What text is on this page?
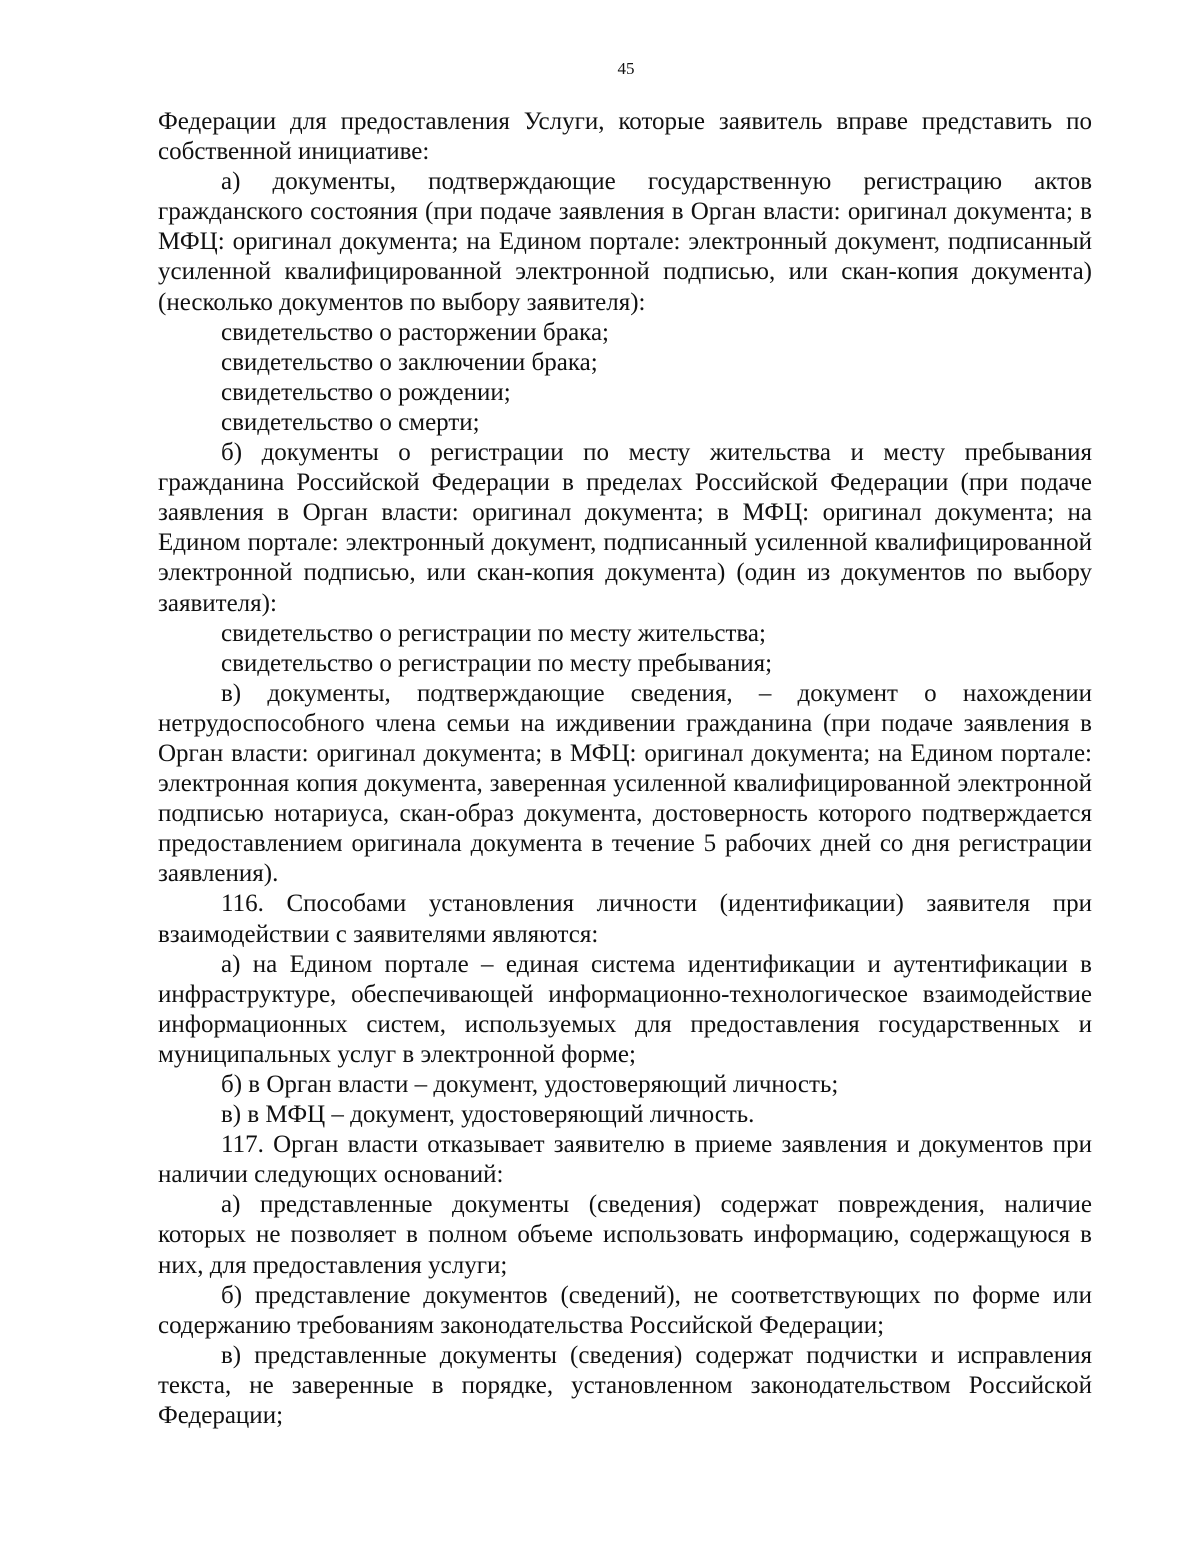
45

Федерации для предоставления Услуги, которые заявитель вправе представить по собственной инициативе:

а) документы, подтверждающие государственную регистрацию актов гражданского состояния (при подаче заявления в Орган власти: оригинал документа; в МФЦ: оригинал документа; на Едином портале: электронный документ, подписанный усиленной квалифицированной электронной подписью, или скан-копия документа) (несколько документов по выбору заявителя):

свидетельство о расторжении брака;

свидетельство о заключении брака;

свидетельство о рождении;

свидетельство о смерти;

б) документы о регистрации по месту жительства и месту пребывания гражданина Российской Федерации в пределах Российской Федерации (при подаче заявления в Орган власти: оригинал документа; в МФЦ: оригинал документа; на Едином портале: электронный документ, подписанный усиленной квалифицированной электронной подписью, или скан-копия документа) (один из документов по выбору заявителя):

свидетельство о регистрации по месту жительства;

свидетельство о регистрации по месту пребывания;

в) документы, подтверждающие сведения, – документ о нахождении нетрудоспособного члена семьи на иждивении гражданина (при подаче заявления в Орган власти: оригинал документа; в МФЦ: оригинал документа; на Едином портале: электронная копия документа, заверенная усиленной квалифицированной электронной подписью нотариуса, скан-образ документа, достоверность которого подтверждается предоставлением оригинала документа в течение 5 рабочих дней со дня регистрации заявления).

116. Способами установления личности (идентификации) заявителя при взаимодействии с заявителями являются:

а) на Едином портале – единая система идентификации и аутентификации в инфраструктуре, обеспечивающей информационно-технологическое взаимодействие информационных систем, используемых для предоставления государственных и муниципальных услуг в электронной форме;

б) в Орган власти – документ, удостоверяющий личность;

в) в МФЦ – документ, удостоверяющий личность.

117. Орган власти отказывает заявителю в приеме заявления и документов при наличии следующих оснований:

а) представленные документы (сведения) содержат повреждения, наличие которых не позволяет в полном объеме использовать информацию, содержащуюся в них, для предоставления услуги;

б) представление документов (сведений), не соответствующих по форме или содержанию требованиям законодательства Российской Федерации;

в) представленные документы (сведения) содержат подчистки и исправления текста, не заверенные в порядке, установленном законодательством Российской Федерации;
